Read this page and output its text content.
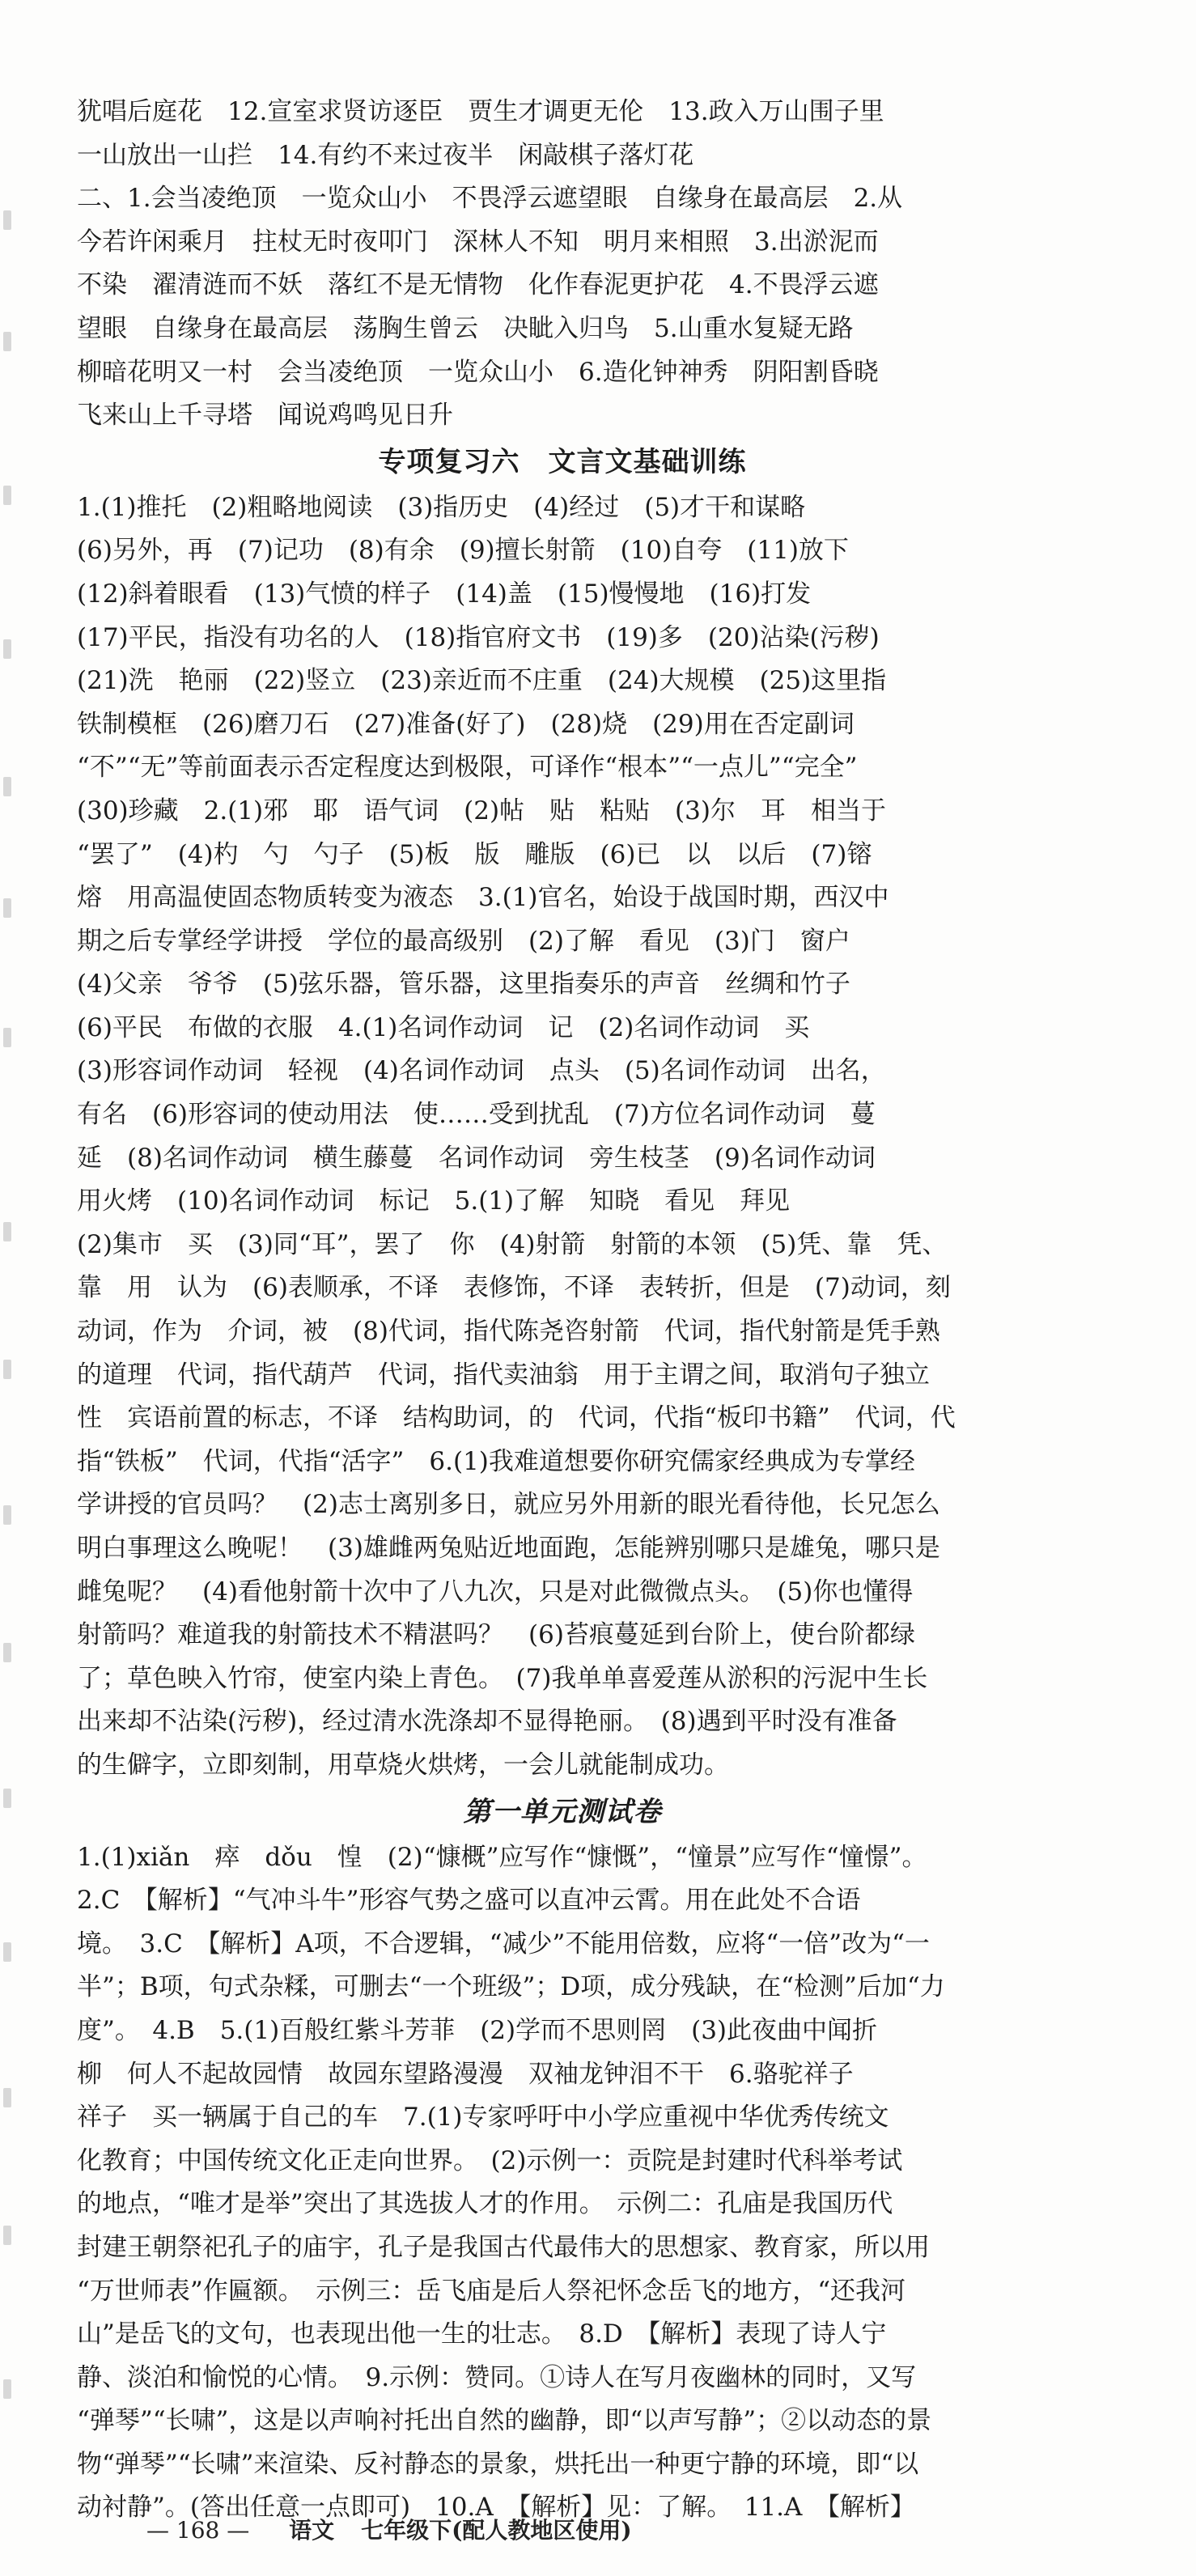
犹唱后庭花　12.宣室求贤访逐臣　贾生才调更无伦　13.政入万山围子里
一山放出一山拦　14.有约不来过夜半　闲敲棋子落灯花
二、1.会当凌绝顶　一览众山小　不畏浮云遮望眼　自缘身在最高层　2.从
今若许闲乘月　拄杖无时夜叩门　深林人不知　明月来相照　3.出淤泥而
不染　濯清涟而不妖　落红不是无情物　化作春泥更护花　4.不畏浮云遮
望眼　自缘身在最高层　荡胸生曾云　决眦入归鸟　5.山重水复疑无路
柳暗花明又一村　会当凌绝顶　一览众山小　6.造化钟神秀　阴阳割昏晓
飞来山上千寻塔　闻说鸡鸣见日升
专项复习六　文言文基础训练
1.(1)推托　(2)粗略地阅读　(3)指历史　(4)经过　(5)才干和谋略
(6)另外，再　(7)记功　(8)有余　(9)擅长射箭　(10)自夸　(11)放下
(12)斜着眼看　(13)气愤的样子　(14)盖　(15)慢慢地　(16)打发
(17)平民，指没有功名的人　(18)指官府文书　(19)多　(20)沾染(污秽)
(21)洗　艳丽　(22)竖立　(23)亲近而不庄重　(24)大规模　(25)这里指
铁制模框　(26)磨刀石　(27)准备(好了)　(28)烧　(29)用在否定副词
“不”“无”等前面表示否定程度达到极限，可译作“根本”“一点儿”“完全”
(30)珍藏　2.(1)邪　耶　语气词　(2)帖　贴　粘贴　(3)尔　耳　相当于
“罢了”　(4)杓　勺　勺子　(5)板　版　雕版　(6)已　以　以后　(7)镕
熔　用高温使固态物质转变为液态　3.(1)官名，始设于战国时期，西汉中
期之后专掌经学讲授　学位的最高级别　(2)了解　看见　(3)门　窗户
(4)父亲　爷爷　(5)弦乐器，管乐器，这里指奏乐的声音　丝绸和竹子
(6)平民　布做的衣服　4.(1)名词作动词　记　(2)名词作动词　买
(3)形容词作动词　轻视　(4)名词作动词　点头　(5)名词作动词　出名，
有名　(6)形容词的使动用法　使……受到扰乱　(7)方位名词作动词　蔓
延　(8)名词作动词　横生藤蔓　名词作动词　旁生枝茎　(9)名词作动词
用火烤　(10)名词作动词　标记　5.(1)了解　知晓　看见　拜见
(2)集市　买　(3)同“耳”，罢了　你　(4)射箭　射箭的本领　(5)凭、靠　凭、
靠　用　认为　(6)表顺承，不译　表修饰，不译　表转折，但是　(7)动词，刻
动词，作为　介词，被　(8)代词，指代陈尧咨射箭　代词，指代射箭是凭手熟
的道理　代词，指代葫芦　代词，指代卖油翁　用于主谓之间，取消句子独立
性　宾语前置的标志，不译　结构助词，的　代词，代指“板印书籍”　代词，代
指“铁板”　代词，代指“活字”　6.(1)我难道想要你研究儒家经典成为专掌经
学讲授的官员吗？　(2)志士离别多日，就应另外用新的眼光看待他，长兄怎么
明白事理这么晚呢！　(3)雄雌两兔贴近地面跑，怎能辨别哪只是雄兔，哪只是
雌兔呢？　(4)看他射箭十次中了八九次，只是对此微微点头。　(5)你也懂得
射箭吗？难道我的射箭技术不精湛吗？　(6)苔痕蔓延到台阶上，使台阶都绿
了；草色映入竹帘，使室内染上青色。　(7)我单单喜爱莲从淤积的污泥中生长
出来却不沾染(污秽)，经过清水洗涤却不显得艳丽。　(8)遇到平时没有准备
的生僻字，立即刻制，用草烧火烘烤，一会儿就能制成功。
第一单元测试卷
1.(1)xiǎn　瘁　dǒu　惶　(2)“慷概”应写作“慷慨”，“憧景”应写作“憧憬”。
2.C　【解析】“气冲斗牛”形容气势之盛可以直冲云霄。用在此处不合语
境。　3.C　【解析】A项，不合逻辑，“减少”不能用倍数，应将“一倍”改为“一
半”；B项，句式杂糅，可删去“一个班级”；D项，成分残缺，在“检测”后加“力
度”。　4.B　5.(1)百般红紫斗芳菲　(2)学而不思则罔　(3)此夜曲中闻折
柳　何人不起故园情　故园东望路漫漫　双袖龙钟泪不干　6.骆驼祥子
祥子　买一辆属于自己的车　7.(1)专家呼吁中小学应重视中华优秀传统文
化教育；中国传统文化正走向世界。　(2)示例一：贡院是封建时代科举考试
的地点，“唯才是举”突出了其选拔人才的作用。　示例二：孔庙是我国历代
封建王朝祭祀孔子的庙宇，孔子是我国古代最伟大的思想家、教育家，所以用
“万世师表”作匾额。　示例三：岳飞庙是后人祭祀怀念岳飞的地方，“还我河
山”是岳飞的文句，也表现出他一生的壮志。　8.D　【解析】表现了诗人宁
静、淡泊和愉悦的心情。　9.示例：赞同。①诗人在写月夜幽林的同时，又写
“弹琴”“长啸”，这是以声响衬托出自然的幽静，即“以声写静”；②以动态的景
物“弹琴”“长啸”来渲染、反衬静态的景象，烘托出一种更宁静的环境，即“以
动衬静”。(答出任意一点即可)　10.A　【解析】见：了解。　11.A　【解析】
— 168 — 语文 七年级下(配人教地区使用)
